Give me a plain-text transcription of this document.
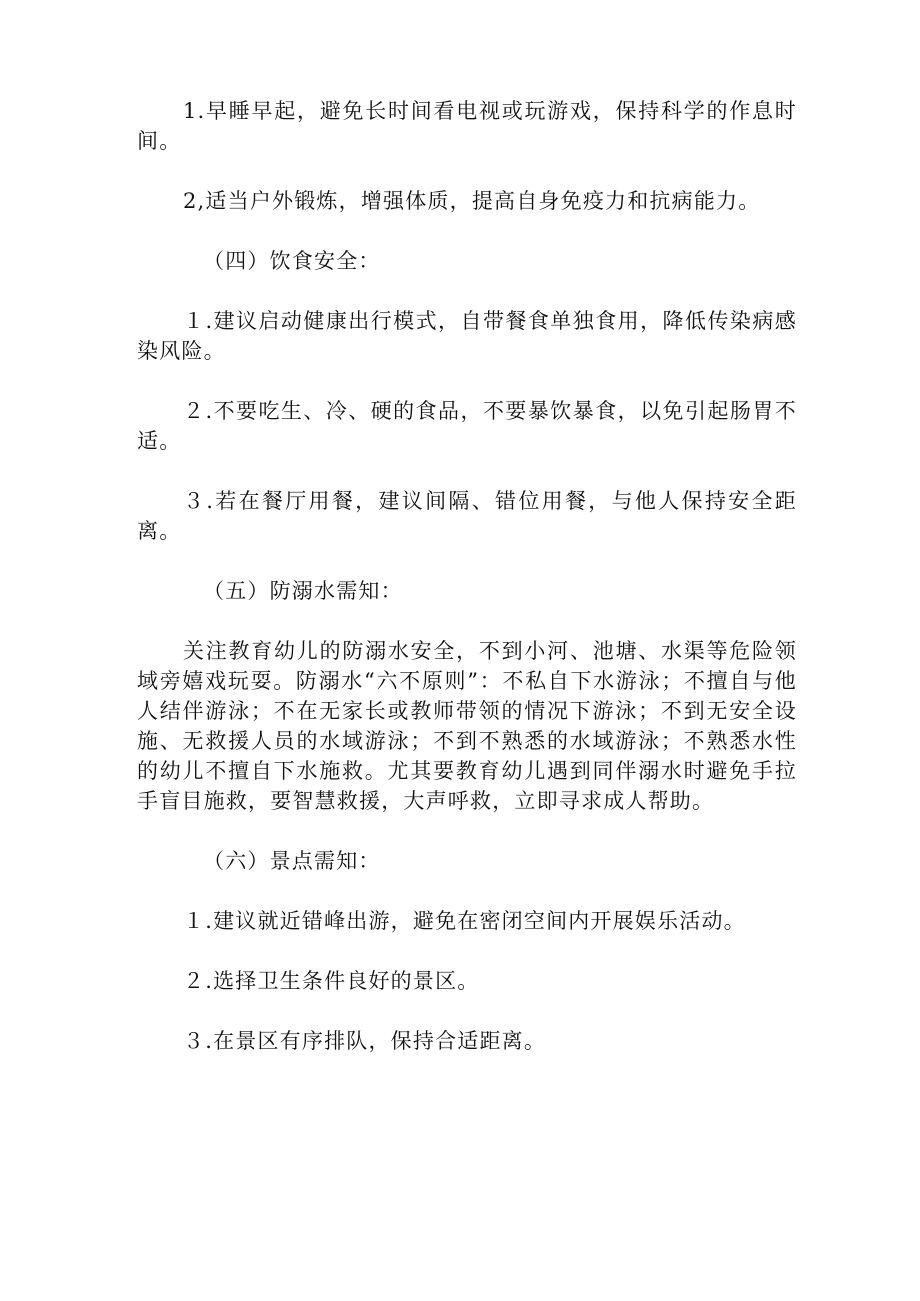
1.早睡早起，避免长时间看电视或玩游戏，保持科学的作息时间。

2,适当户外锻炼，增强体质，提高自身免疫力和抗病能力。

（四）饮食安全：

１.建议启动健康出行模式，自带餐食单独食用，降低传染病感染风险。

２.不要吃生、冷、硬的食品，不要暴饮暴食，以免引起肠胃不适。

３.若在餐厅用餐，建议间隔、错位用餐，与他人保持安全距离。

（五）防溺水需知：

关注教育幼儿的防溺水安全，不到小河、池塘、水渠等危险领域旁嬉戏玩耍。防溺水“六不原则”：不私自下水游泳；不擅自与他人结伴游泳；不在无家长或教师带领的情况下游泳；不到无安全设施、无救援人员的水域游泳；不到不熟悉的水域游泳；不熟悉水性的幼儿不擅自下水施救。尤其要教育幼儿遇到同伴溺水时避免手拉手盲目施救，要智慧救援，大声呼救，立即寻求成人帮助。

（六）景点需知：

１.建议就近错峰出游，避免在密闭空间内开展娱乐活动。

２.选择卫生条件良好的景区。

３.在景区有序排队，保持合适距离。
